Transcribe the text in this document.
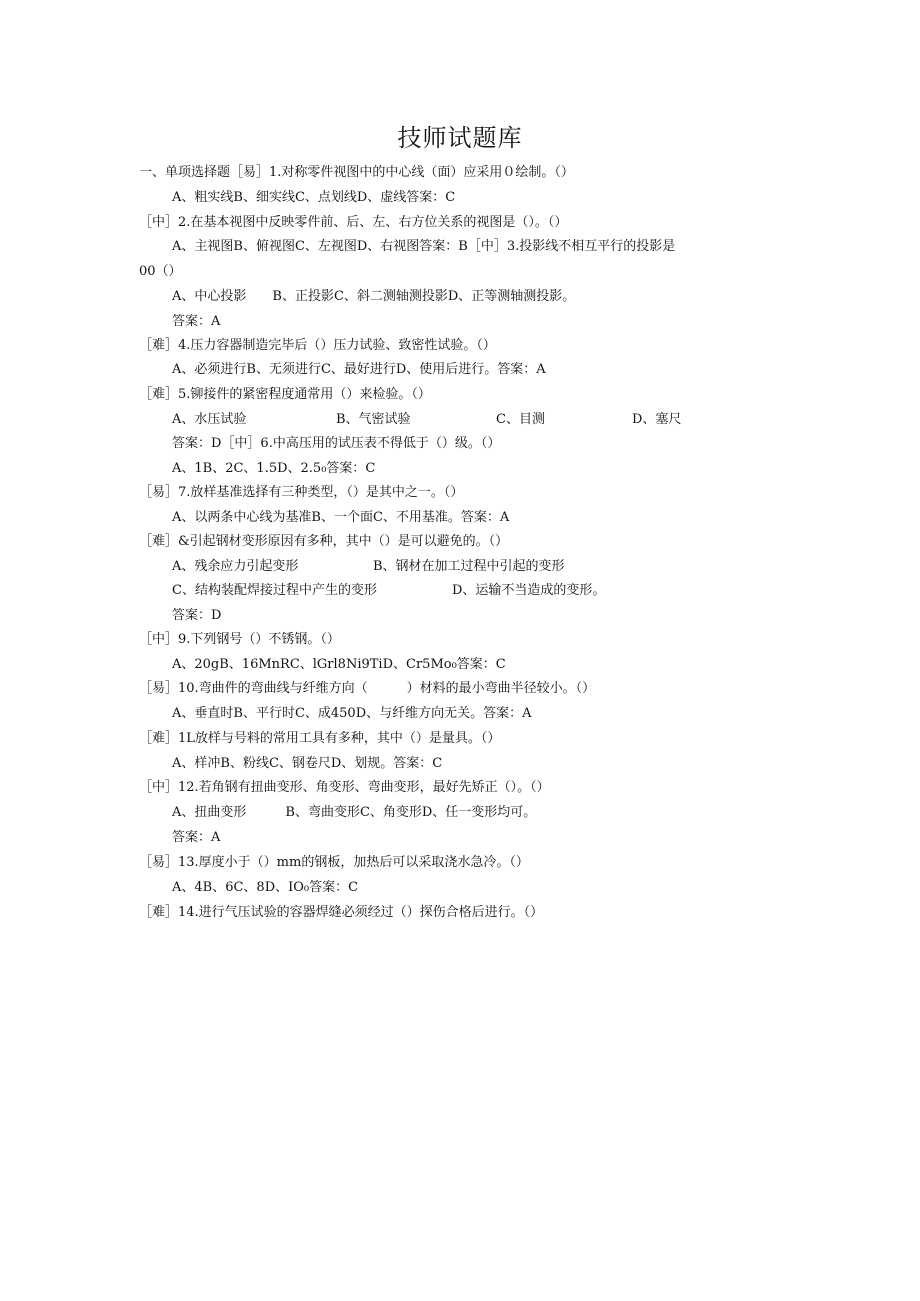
技师试题库
一、单项选择题［易］1.对称零件视图中的中心线（面）应采用０绘制。（）
A、粗实线B、细实线C、点划线D、虚线答案：C
［中］2.在基本视图中反映零件前、后、左、右方位关系的视图是（）。（）
A、主视图B、俯视图C、左视图D、右视图答案：B［中］3.投影线不相互平行的投影是
00（）
A、中心投影　　B、正投影C、斜二测轴测投影D、正等测轴测投影。
答案：A
［难］4.压力容器制造完毕后（）压力试验、致密性试验。（）
A、必须进行B、无须进行C、最好进行D、使用后进行。答案：A
［难］5.铆接件的紧密程度通常用（）来检验。（）
A、水压试验	B、气密试验	C、目测	D、塞尺
答案：D［中］6.中高压用的试压表不得低于（）级。（）
A、1B、2C、1.5D、2.5₀答案：C
［易］7.放样基准选择有三种类型，（）是其中之一。（）
A、以两条中心线为基准B、一个面C、不用基准。答案：A
［难］&引起钢材变形原因有多种，其中（）是可以避免的。（）
A、残余应力引起变形	B、钢材在加工过程中引起的变形
C、结构装配焊接过程中产生的变形	D、运输不当造成的变形。
答案：D
［中］9.下列钢号（）不锈钢。（）
A、20gB、16MnRC、lGrl8Ni9TiD、Cr5Mo₀答案：C
［易］10.弯曲件的弯曲线与纤维方向（　　　）材料的最小弯曲半径较小。（）
A、垂直时B、平行时C、成450D、与纤维方向无关。答案：A
［难］1L放样与号料的常用工具有多种，其中（）是量具。（）
A、样冲B、粉线C、钢卷尺D、划规。答案：C
［中］12.若角钢有扭曲变形、角变形、弯曲变形，最好先矫正（）。（）
A、扭曲变形　　　B、弯曲变形C、角变形D、任一变形均可。
答案：A
［易］13.厚度小于（）mm的钢板，加热后可以采取浇水急冷。（）
A、4B、6C、8D、IO₀答案：C
［难］14.进行气压试验的容器焊缝必须经过（）探伤合格后进行。（）
